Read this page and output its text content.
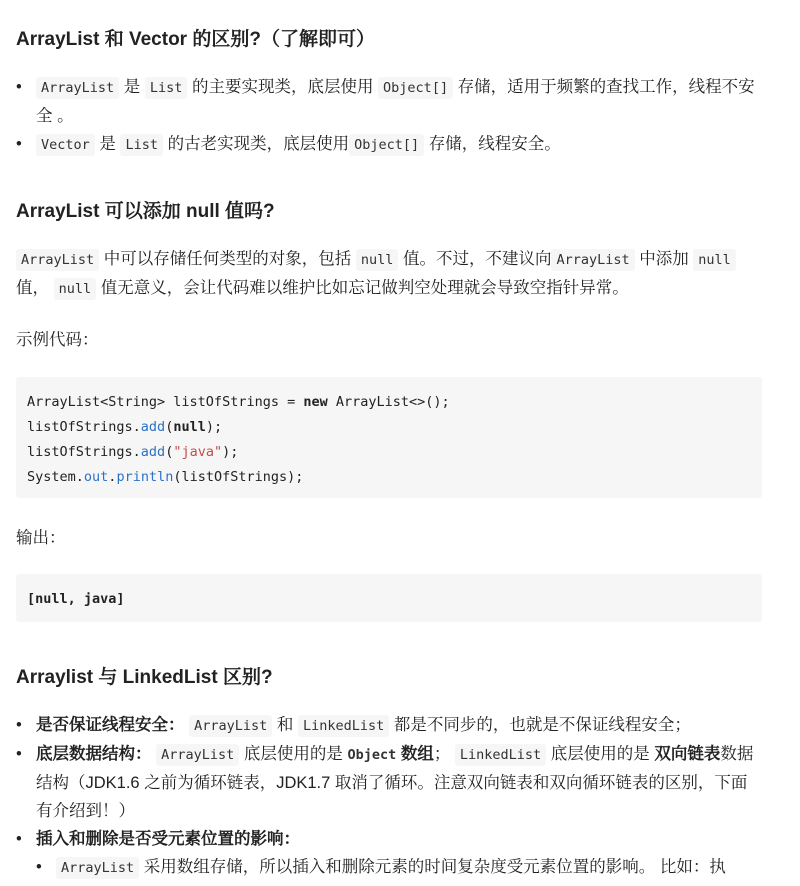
ArrayList 和 Vector 的区别?（了解即可）
• ArrayList 是 List 的主要实现类，底层使用 Object[] 存储，适用于频繁的查找工作，线程不安全 。
• Vector 是 List 的古老实现类，底层使用 Object[] 存储，线程安全。
ArrayList 可以添加 null 值吗?

ArrayList 中可以存储任何类型的对象，包括 null 值。不过，不建议向 ArrayList 中添加 null 值， null 值无意义，会让代码难以维护比如忘记做判空处理就会导致空指针异常。

示例代码：

ArrayList<String> listOfStrings = new ArrayList<>();
listOfStrings.add(null);
listOfStrings.add("java");
System.out.println(listOfStrings);

输出：

[null, java]
Arraylist 与 LinkedList 区别?
• 是否保证线程安全： ArrayList 和 LinkedList 都是不同步的，也就是不保证线程安全；
• 底层数据结构： ArrayList 底层使用的是 Object 数组； LinkedList 底层使用的是 双向链表数据结构（JDK1.6 之前为循环链表，JDK1.7 取消了循环。注意双向链表和双向循环链表的区别，下面有介绍到！）
• 插入和删除是否受元素位置的影响：
• ArrayList 采用数组存储，所以插入和删除元素的时间复杂度受元素位置的影响。 比如：执
